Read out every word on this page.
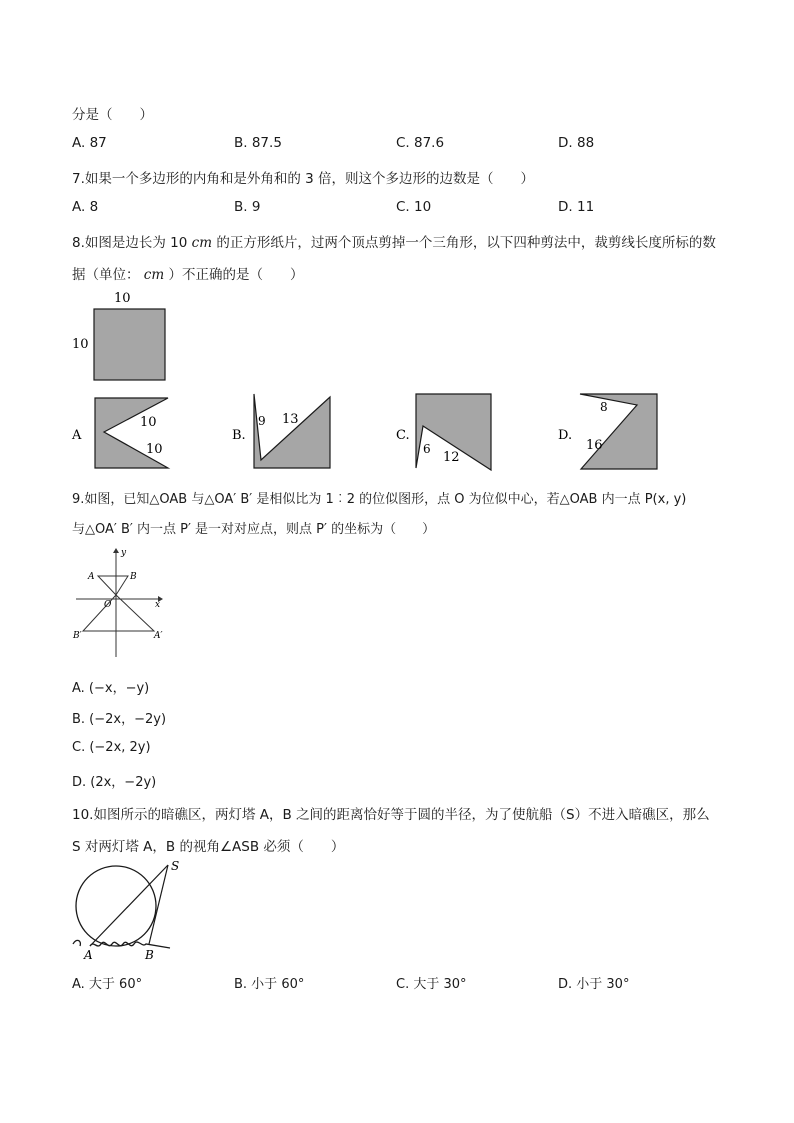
分是（　　）
A. 87	B. 87.5	C. 87.6	D. 88
7.如果一个多边形的内角和是外角和的 3 倍，则这个多边形的边数是（　　）
A. 8	B. 9	C. 10	D. 11
8.如图是边长为 10 cm 的正方形纸片，过两个顶点剪掉一个三角形，以下四种剪法中，裁剪线长度所标的数
据（单位： cm ）不正确的是（　　）
10
10
A
10
10
B.
9 13
C.
6
12
D.
8
16
9.如图，已知△OAB 与△OA′ B′ 是相似比为 1︰2 的位似图形，点 O 为位似中心，若△OAB 内一点 P(x, y)
与△OA′ B′ 内一点 P′ 是一对对应点，则点 P′ 的坐标为（　　）
y
x
A	B
O
B′	A′
A. (−x，−y)
B. (−2x，−2y)
C. (−2x, 2y)
D. (2x，−2y)
10.如图所示的暗礁区，两灯塔 A，B 之间的距离恰好等于圆的半径，为了使航船（S）不进入暗礁区，那么
S 对两灯塔 A，B 的视角∠ASB 必须（　　）
S
A	B
A. 大于 60°	B. 小于 60°	C. 大于 30°	D. 小于 30°
